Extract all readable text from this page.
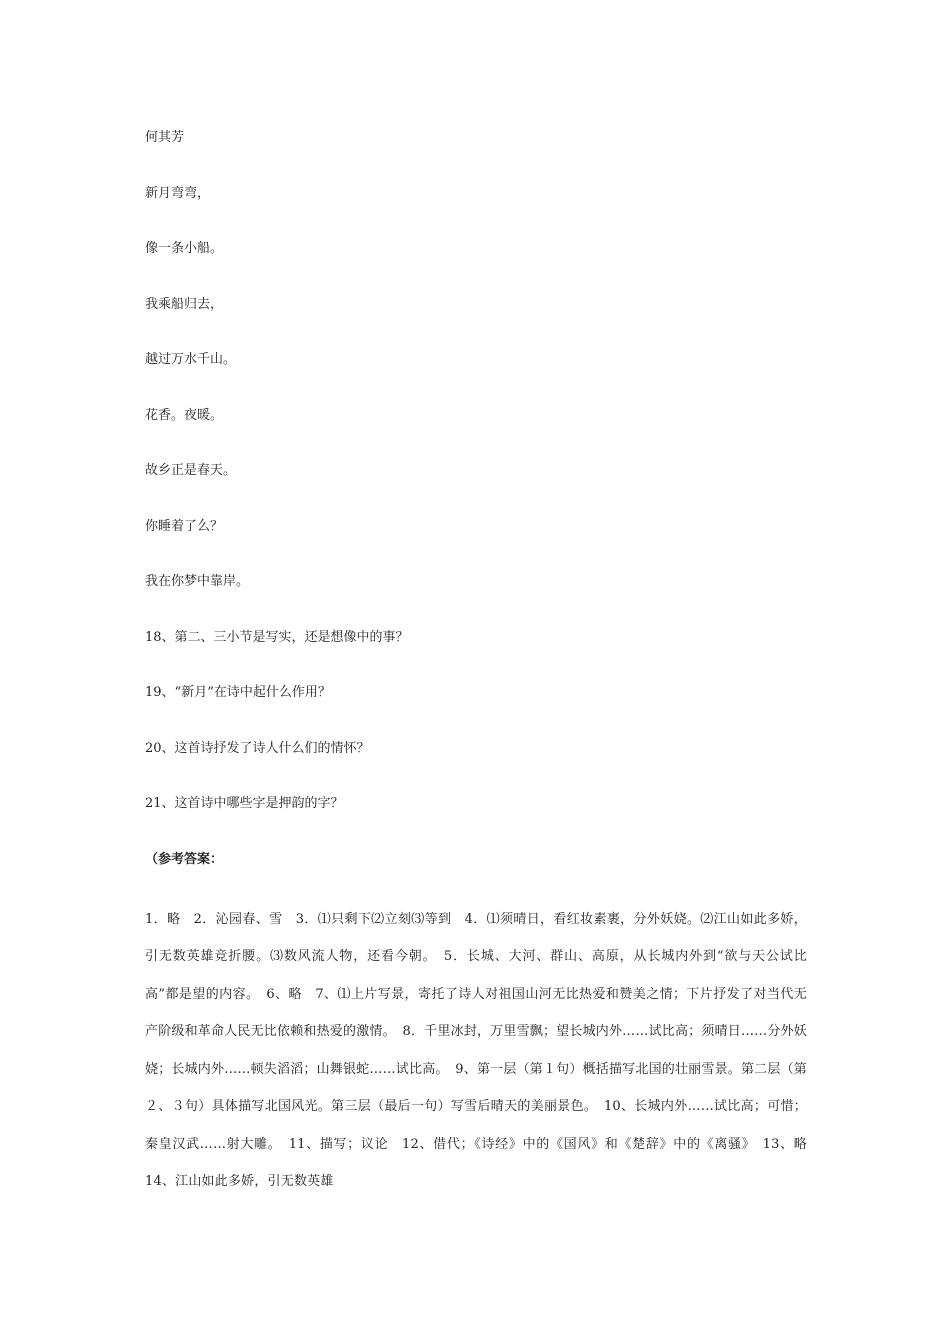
何其芳

新月弯弯，

像一条小船。

我乘船归去，

越过万水千山。

花香。夜暖。

故乡正是春天。

你睡着了么？

我在你梦中靠岸。

18、第二、三小节是写实，还是想像中的事？

19、“新月”在诗中起什么作用？

20、这首诗抒发了诗人什么们的情怀？

21、这首诗中哪些字是押韵的字？

（参考答案：

1．略　2．沁园春、雪　3．⑴只剩下⑵立刻⑶等到　4．⑴须晴日，看红妆素裹，分外妖娆。⑵江山如此多娇，引无数英雄竞折腰。⑶数风流人物，还看今朝。　5．长城、大河、群山、高原，从长城内外到“欲与天公试比高”都是望的内容。　6、略　7、⑴上片写景，寄托了诗人对祖国山河无比热爱和赞美之情；下片抒发了对当代无产阶级和革命人民无比依赖和热爱的激情。　8．千里冰封，万里雪飘；望长城内外……试比高；须晴日……分外妖娆；长城内外……顿失滔滔；山舞银蛇……试比高。　9、第一层（第１句）概括描写北国的壮丽雪景。第二层（第２、３句）具体描写北国风光。第三层（最后一句）写雪后晴天的美丽景色。　10、长城内外……试比高；可惜；秦皇汉武……射大雕。　11、描写；议论　12、借代；《诗经》中的《国风》和《楚辞》中的《离骚》　13、略　14、江山如此多娇，引无数英雄
